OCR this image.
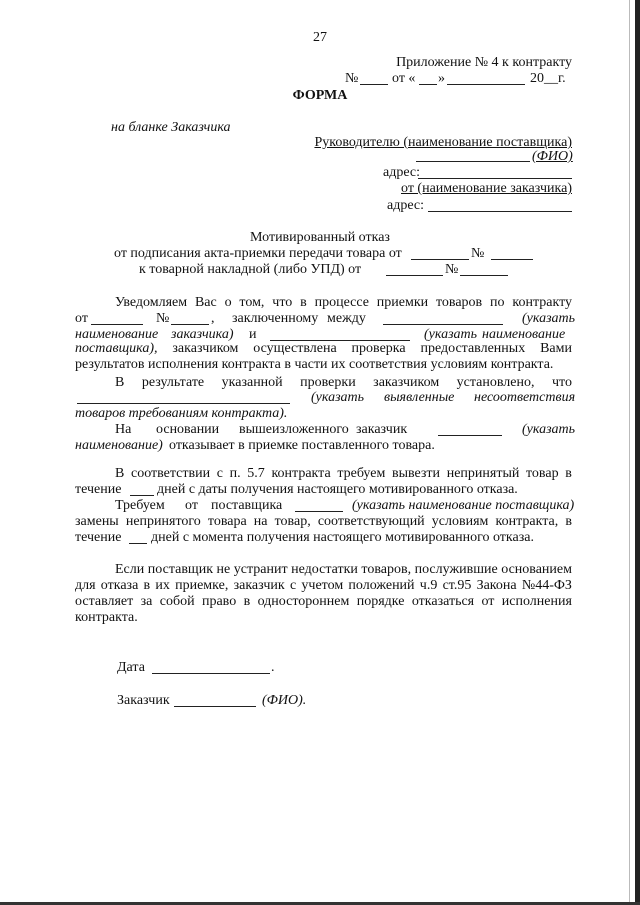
27
Приложение № 4 к контракту
№ от « »	20__г.
ФОРМА
на бланке Заказчика
Руководителю (наименование поставщика)
(ФИО)
адрес:
от (наименование заказчика)
адрес:
Мотивированный отказ
от подписания акта-приемки передачи товара от	№
к товарной накладной (либо УПД) от	№
Уведомляем Вас о том, что в процессе приемки товаров по контракту
от	№	, заключенному между	(указать
наименование заказчика) и	(указать наименование
поставщика), заказчиком осуществлена проверка предоставленных Вами
результатов исполнения контракта в части их соответствия условиям контракта.
В результате указанной проверки заказчиком установлено, что
(указать выявленные несоответствия
товаров требованиям контракта).
На основании вышеизложенного заказчик	(указать
наименование) отказывает в приемке поставленного товара.
В соответствии с п. 5.7 контракта требуем вывезти непринятый товар в
течение	дней с даты получения настоящего мотивированного отказа.
Требуем от поставщика	(указать наименование поставщика)
замены непринятого товара на товар, соответствующий условиям контракта, в
течение дней с момента получения настоящего мотивированного отказа.
Если поставщик не устранит недостатки товаров, послужившие основанием
для отказа в их приемке, заказчик с учетом положений ч.9 ст.95 Закона №44-ФЗ
оставляет за собой право в одностороннем порядке отказаться от исполнения
контракта.
Дата	.
Заказчик	(ФИО).
